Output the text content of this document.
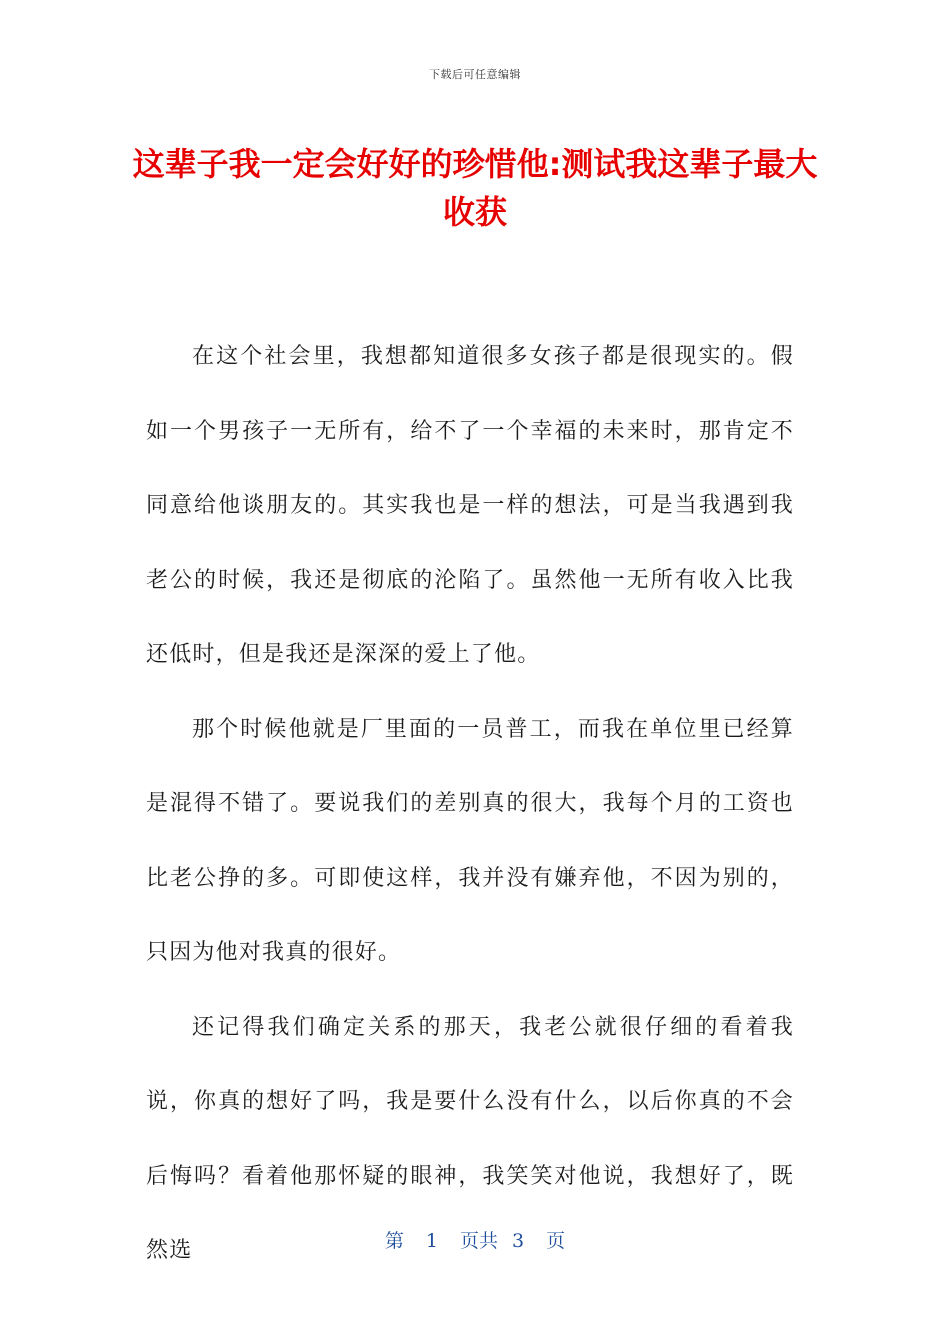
下载后可任意编辑
这辈子我一定会好好的珍惜他:测试我这辈子最大收获

在这个社会里，我想都知道很多女孩子都是很现实的。假如一个男孩子一无所有，给不了一个幸福的未来时，那肯定不同意给他谈朋友的。其实我也是一样的想法，可是当我遇到我老公的时候，我还是彻底的沦陷了。虽然他一无所有收入比我还低时，但是我还是深深的爱上了他。

那个时候他就是厂里面的一员普工，而我在单位里已经算是混得不错了。要说我们的差别真的很大，我每个月的工资也比老公挣的多。可即使这样，我并没有嫌弃他，不因为别的，只因为他对我真的很好。

还记得我们确定关系的那天，我老公就很仔细的看着我说，你真的想好了吗，我是要什么没有什么，以后你真的不会后悔吗？看着他那怀疑的眼神，我笑笑对他说，我想好了，既然选	第 1 页共 3 页
